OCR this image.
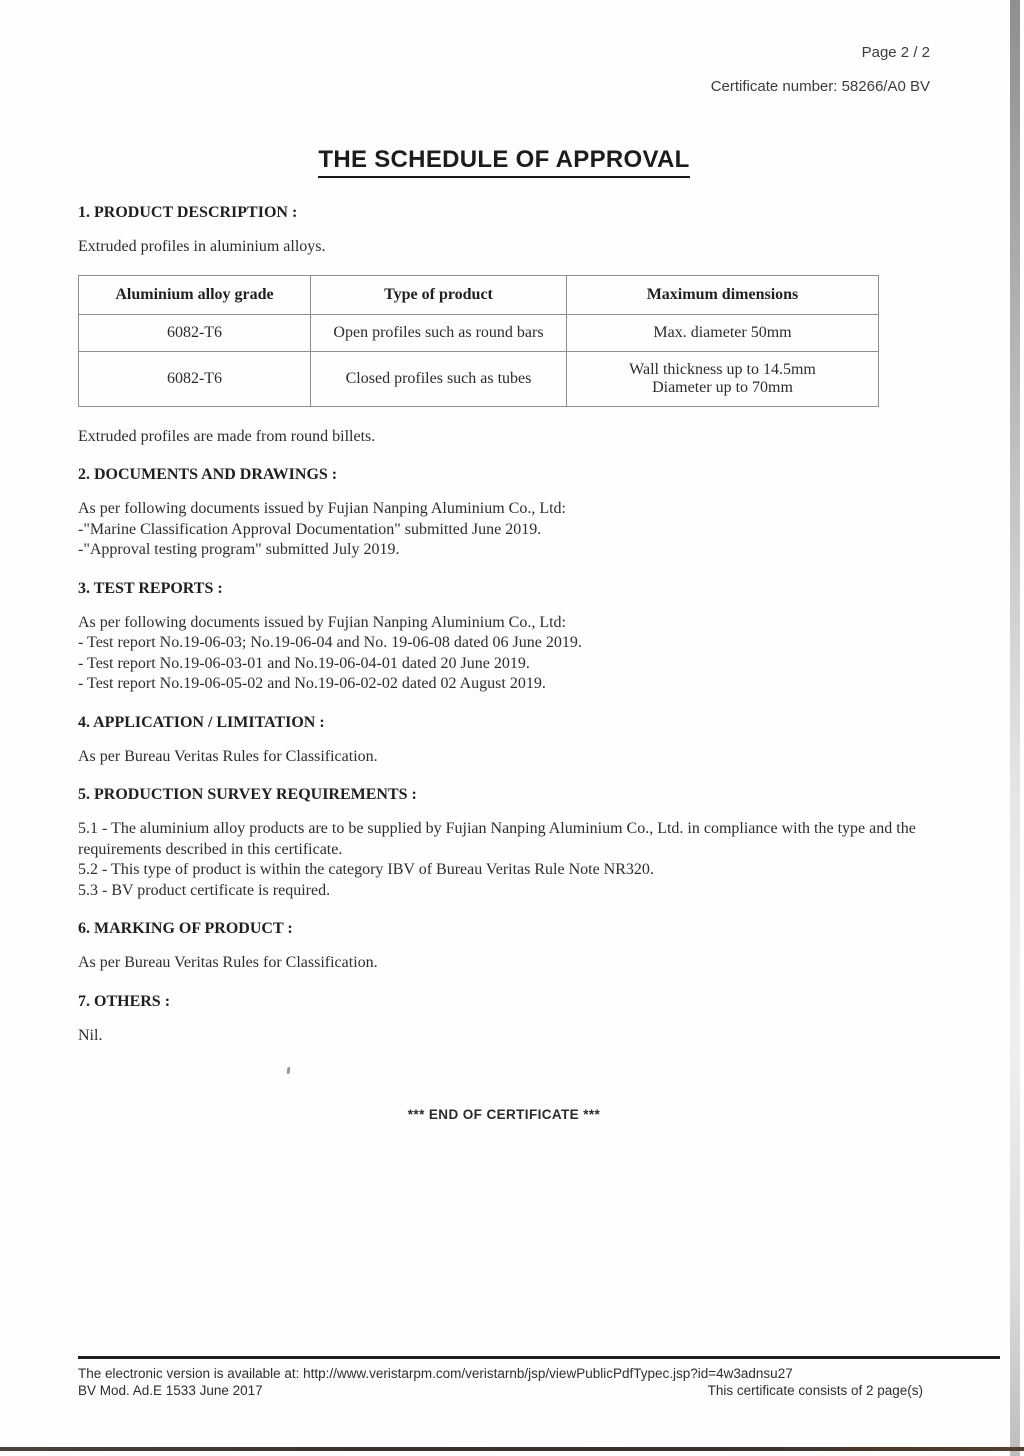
Page 2 / 2
Certificate number: 58266/A0 BV
THE SCHEDULE OF APPROVAL
1. PRODUCT DESCRIPTION :

Extruded profiles in aluminium alloys.

Aluminium alloy grade	Type of product	Maximum dimensions
6082-T6	Open profiles such as round bars	Max. diameter 50mm
6082-T6	Closed profiles such as tubes	Wall thickness up to 14.5mm
Diameter up to 70mm

Extruded profiles are made from round billets.

2. DOCUMENTS AND DRAWINGS :

As per following documents issued by Fujian Nanping Aluminium Co., Ltd:
-"Marine Classification Approval Documentation" submitted June 2019.
-"Approval testing program" submitted July 2019.

3. TEST REPORTS :

As per following documents issued by Fujian Nanping Aluminium Co., Ltd:
- Test report No.19-06-03; No.19-06-04 and No. 19-06-08 dated 06 June 2019.
- Test report No.19-06-03-01 and No.19-06-04-01 dated 20 June 2019.
- Test report No.19-06-05-02 and No.19-06-02-02 dated 02 August 2019.

4. APPLICATION / LIMITATION :

As per Bureau Veritas Rules for Classification.

5. PRODUCTION SURVEY REQUIREMENTS :

5.1 - The aluminium alloy products are to be supplied by Fujian Nanping Aluminium Co., Ltd. in compliance with the type and the requirements described in this certificate.
5.2 - This type of product is within the category IBV of Bureau Veritas Rule Note NR320.
5.3 - BV product certificate is required.

6. MARKING OF PRODUCT :

As per Bureau Veritas Rules for Classification.

7. OTHERS :

Nil.

*** END OF CERTIFICATE ***
The electronic version is available at: http://www.veristarpm.com/veristarnb/jsp/viewPublicPdfTypec.jsp?id=4w3adnsu27
BV Mod. Ad.E 1533 June 2017	This certificate consists of 2 page(s)
